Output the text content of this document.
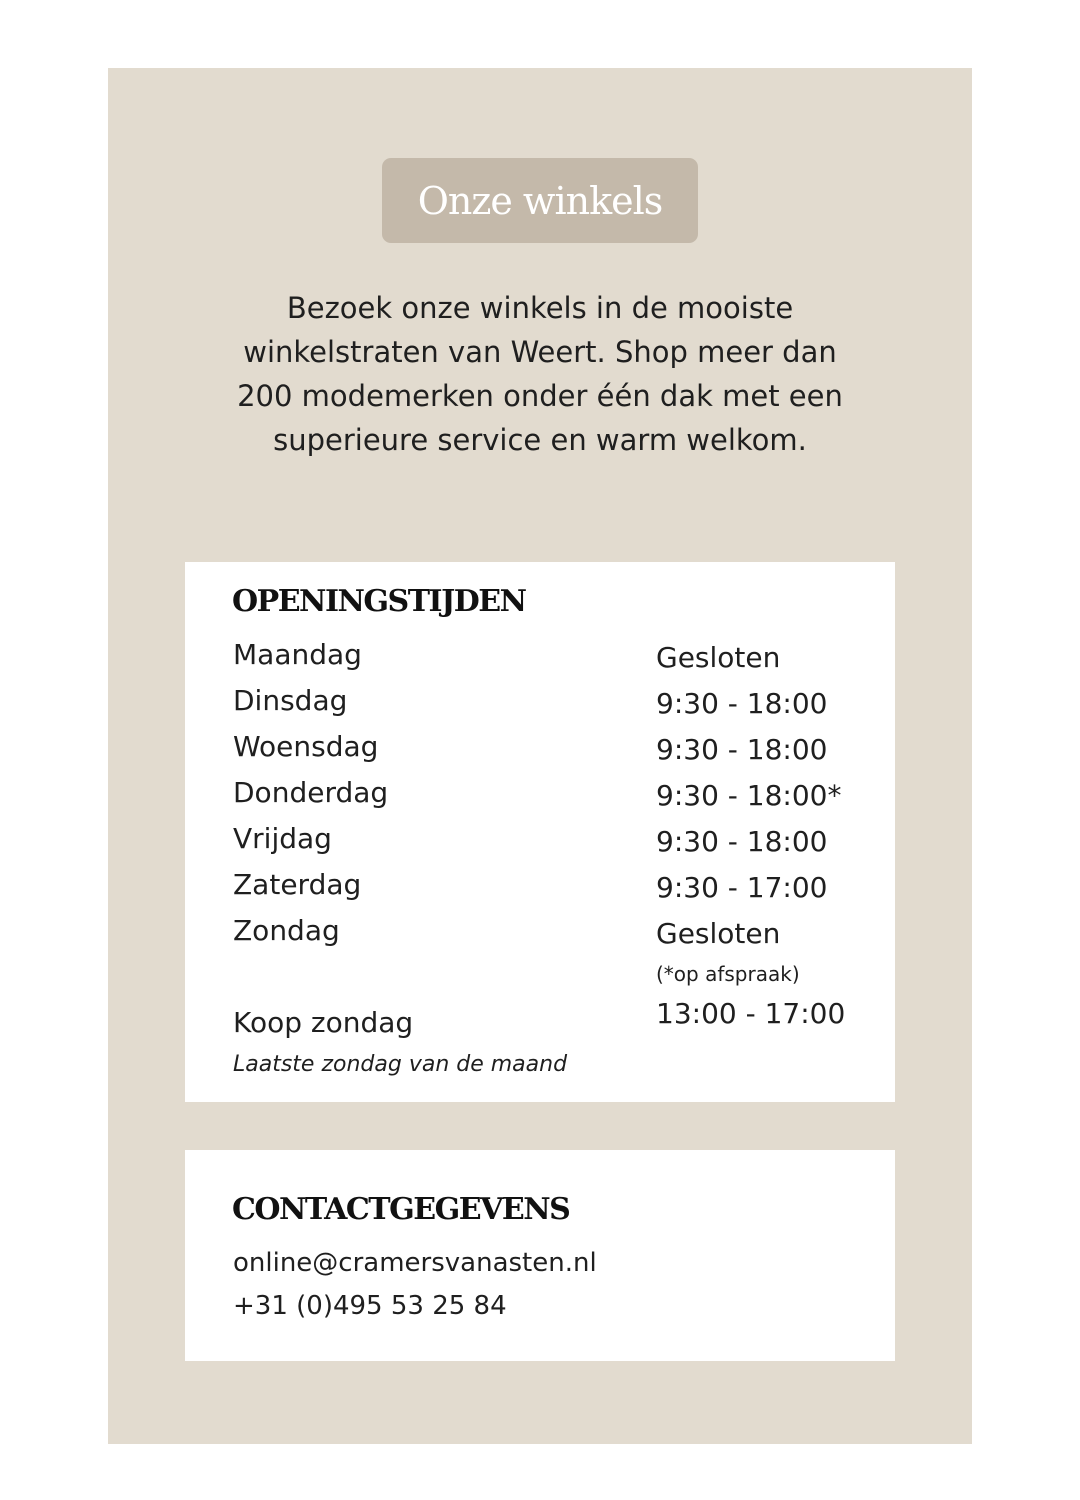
Onze winkels
Bezoek onze winkels in de mooiste
winkelstraten van Weert. Shop meer dan
200 modemerken onder één dak met een
superieure service en warm welkom.
OPENINGSTIJDEN
Maandag	Gesloten
Dinsdag	9:30 - 18:00
Woensdag	9:30 - 18:00
Donderdag	9:30 - 18:00*
Vrijdag	9:30 - 18:00
Zaterdag	9:30 - 17:00
Zondag	Gesloten
(*op afspraak)
Koop zondag	13:00 - 17:00
Laatste zondag van de maand
CONTACTGEGEVENS
online@cramersvanasten.nl
+31 (0)495 53 25 84
